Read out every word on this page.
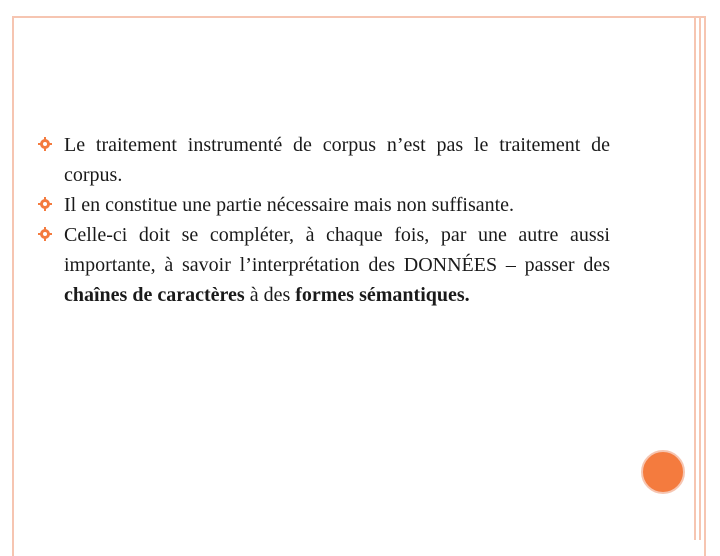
Le traitement instrumenté de corpus n’est pas le traitement de corpus.
Il en constitue une partie nécessaire mais non suffisante.
Celle-ci doit se compléter, à chaque fois, par une autre aussi importante, à savoir l’interprétation des DONNÉES – passer des chaînes de caractères à des formes sémantiques.
